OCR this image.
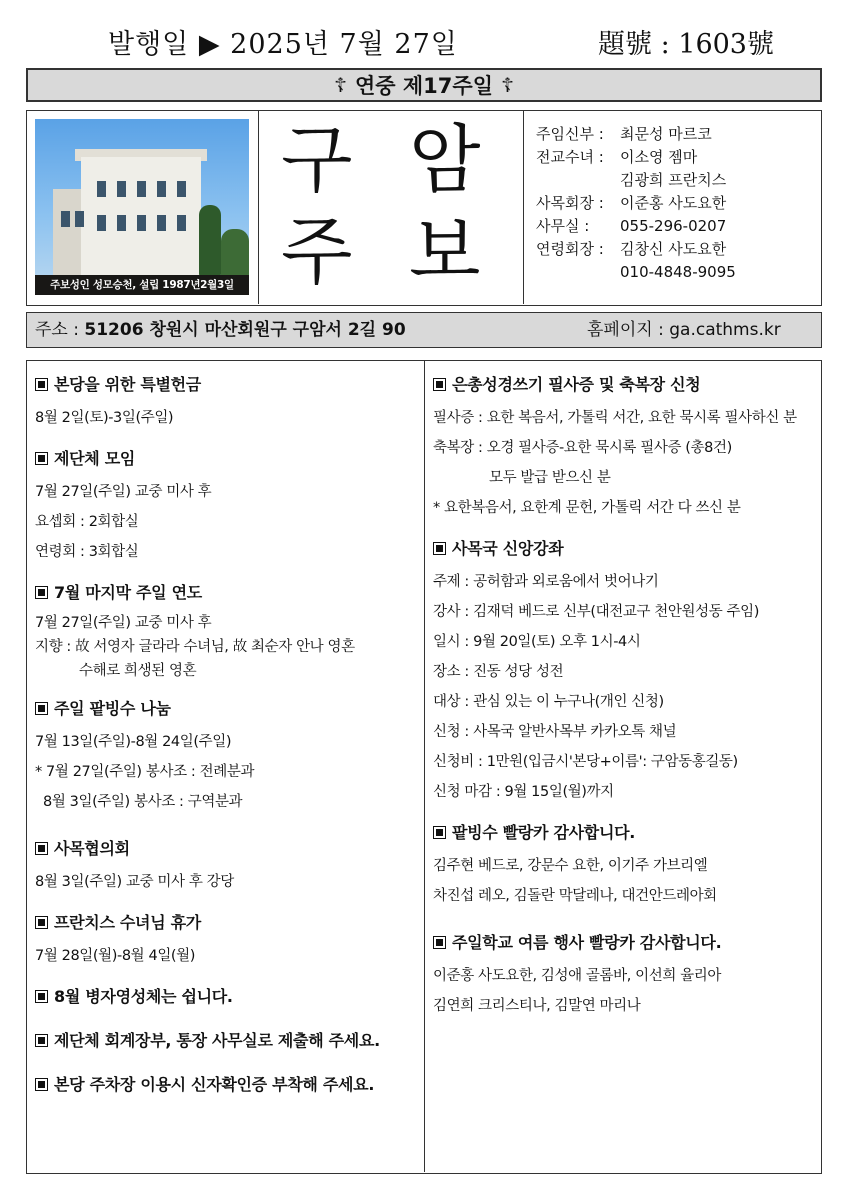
발행일 ▶ 2025년 7월 27일	題號 : 1603號
☦ 연중 제17주일 ☦
주보성인 성모승천, 설립 1987년2월3일
구 암
주 보
주임신부 : 최문성 마르코
전교수녀 : 이소영 젬마
김광희 프란치스
사목회장 : 이준홍 사도요한
사무실 : 055-296-0207
연령회장 : 김창신 사도요한
010-4848-9095
주소 : 51206 창원시 마산회원구 구암서 2길 90	홈페이지 : ga.cathms.kr
본당을 위한 특별헌금
8월 2일(토)-3일(주일)
제단체 모임
7월 27일(주일) 교중 미사 후
요셉회 : 2회합실
연령회 : 3회합실
7월 마지막 주일 연도
7월 27일(주일) 교중 미사 후
지향 : 故 서영자 글라라 수녀님, 故 최순자 안나 영혼
수해로 희생된 영혼
주일 팥빙수 나눔
7월 13일(주일)-8월 24일(주일)
* 7월 27일(주일) 봉사조 : 전례분과
8월 3일(주일) 봉사조 : 구역분과
사목협의회
8월 3일(주일) 교중 미사 후 강당
프란치스 수녀님 휴가
7월 28일(월)-8월 4일(월)
8월 병자영성체는 쉽니다.
제단체 회계장부, 통장 사무실로 제출해 주세요.
본당 주차장 이용시 신자확인증 부착해 주세요.
은총성경쓰기 필사증 및 축복장 신청
필사증 : 요한 복음서, 가톨릭 서간, 요한 묵시록 필사하신 분
축복장 : 오경 필사증-요한 묵시록 필사증 (총8건)
모두 발급 받으신 분
* 요한복음서, 요한계 문헌, 가톨릭 서간 다 쓰신 분
사목국 신앙강좌
주제 : 공허함과 외로움에서 벗어나기
강사 : 김재덕 베드로 신부(대전교구 천안원성동 주임)
일시 : 9월 20일(토) 오후 1시-4시
장소 : 진동 성당 성전
대상 : 관심 있는 이 누구나(개인 신청)
신청 : 사목국 알반사목부 카카오톡 채널
신청비 : 1만원(입금시'본당+이름': 구암동홍길동)
신청 마감 : 9월 15일(월)까지
팥빙수 빨랑카 감사합니다.
김주현 베드로, 강문수 요한, 이기주 가브리엘
차진섭 레오, 김돌란 막달레나, 대건안드레아회
주일학교 여름 행사 빨랑카 감사합니다.
이준홍 사도요한, 김성애 골롬바, 이선희 율리아
김연희 크리스티나, 김말연 마리나
